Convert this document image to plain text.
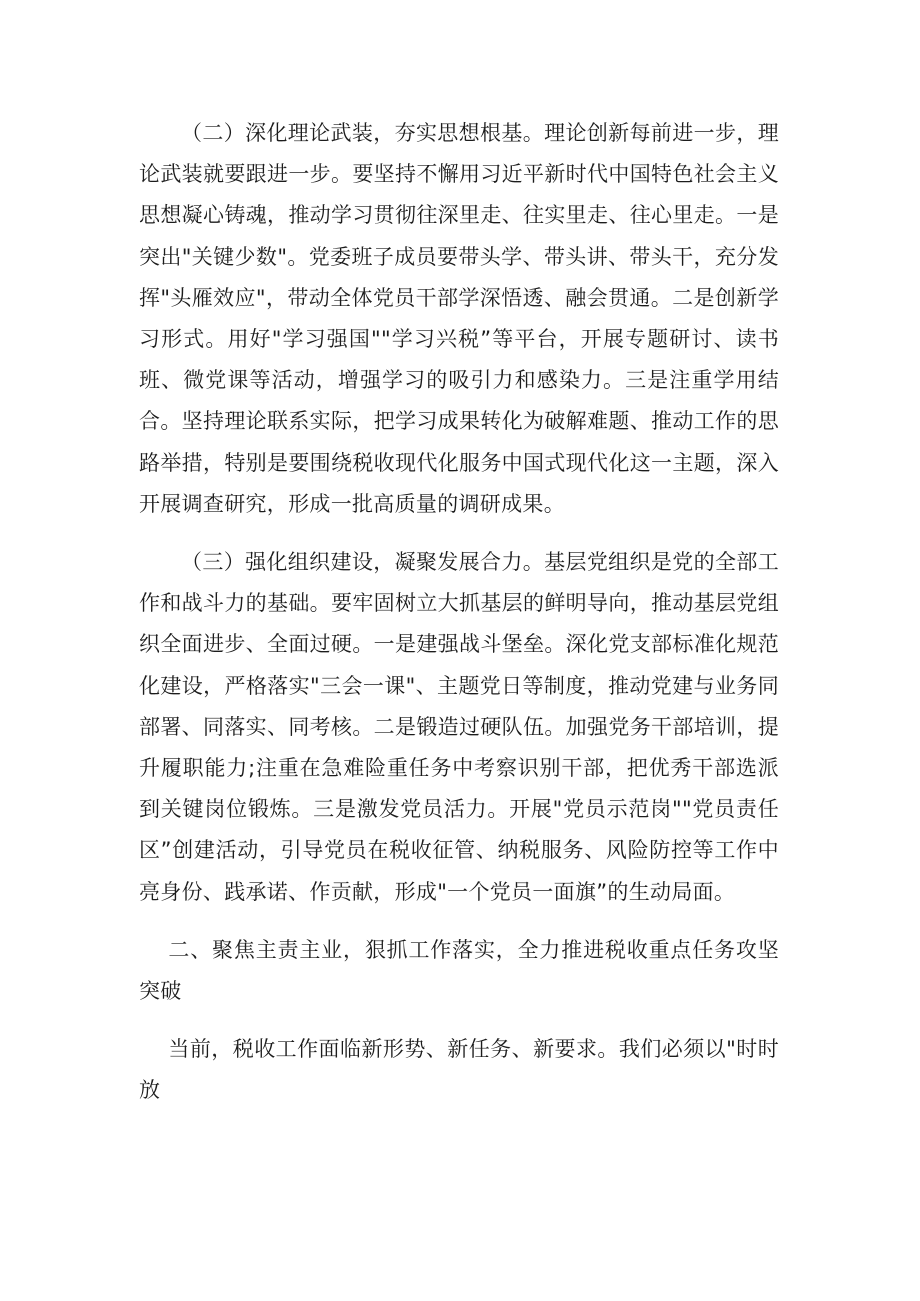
（二）深化理论武装，夯实思想根基。理论创新每前进一步，理论武装就要跟进一步。要坚持不懈用习近平新时代中国特色社会主义思想凝心铸魂，推动学习贯彻往深里走、往实里走、往心里走。一是突出"关键少数"。党委班子成员要带头学、带头讲、带头干，充分发挥"头雁效应"，带动全体党员干部学深悟透、融会贯通。二是创新学习形式。用好"学习强国""学习兴税”等平台，开展专题研讨、读书班、微党课等活动，增强学习的吸引力和感染力。三是注重学用结合。坚持理论联系实际，把学习成果转化为破解难题、推动工作的思路举措，特别是要围绕税收现代化服务中国式现代化这一主题，深入开展调查研究，形成一批高质量的调研成果。

（三）强化组织建设，凝聚发展合力。基层党组织是党的全部工作和战斗力的基础。要牢固树立大抓基层的鲜明导向，推动基层党组织全面进步、全面过硬。一是建强战斗堡垒。深化党支部标准化规范化建设，严格落实"三会一课"、主题党日等制度，推动党建与业务同部署、同落实、同考核。二是锻造过硬队伍。加强党务干部培训，提升履职能力;注重在急难险重任务中考察识别干部，把优秀干部选派到关键岗位锻炼。三是激发党员活力。开展"党员示范岗""党员责任区”创建活动，引导党员在税收征管、纳税服务、风险防控等工作中亮身份、践承诺、作贡献，形成"一个党员一面旗”的生动局面。

二、聚焦主责主业，狠抓工作落实，全力推进税收重点任务攻坚突破

当前，税收工作面临新形势、新任务、新要求。我们必须以"时时放
